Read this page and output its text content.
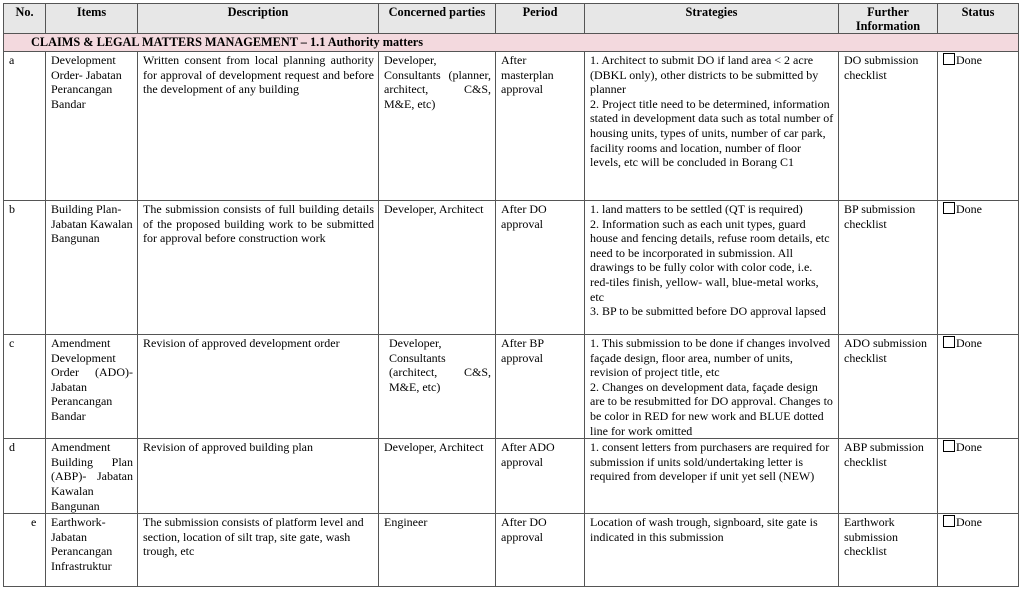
No.	Items	Description	Concerned parties	Period	Strategies	Further Information	Status
CLAIMS & LEGAL MATTERS MANAGEMENT – 1.1 Authority matters							
a	Development Order- Jabatan Perancangan Bandar	Written consent from local planning authority for approval of development request and before the development of any building	Developer, Consultants (planner, architect, C&S, M&E, etc)	After masterplan approval	1. Architect to submit DO if land area < 2 acre (DBKL only), other districts to be submitted by planner
2. Project title need to be determined, information stated in development data such as total number of housing units, types of units, number of car park, facility rooms and location, number of floor levels, etc will be concluded in Borang C1	DO submission checklist	Done
b	Building Plan- Jabatan Kawalan Bangunan	The submission consists of full building details of the proposed building work to be submitted for approval before construction work	Developer, Architect	After DO approval	1. land matters to be settled (QT is required)
2. Information such as each unit types, guard house and fencing details, refuse room details, etc need to be incorporated in submission. All drawings to be fully color with color code, i.e. red-tiles finish, yellow- wall, blue-metal works, etc
3. BP to be submitted before DO approval lapsed	BP submission checklist	Done
c	Amendment Development Order (ADO)- Jabatan Perancangan Bandar	Revision of approved development order	Developer, Consultants (architect, C&S, M&E, etc)	After BP approval	1. This submission to be done if changes involved façade design, floor area, number of units, revision of project title, etc
2. Changes on development data, façade design are to be resubmitted for DO approval. Changes to be color in RED for new work and BLUE dotted line for work omitted	ADO submission checklist	Done
d	Amendment Building Plan (ABP)- Jabatan Kawalan Bangunan	Revision of approved building plan	Developer, Architect	After ADO approval	1. consent letters from purchasers are required for submission if units sold/undertaking letter is required from developer if unit yet sell (NEW)	ABP submission checklist	Done
e	Earthwork- Jabatan Perancangan Infrastruktur	The submission consists of platform level and section, location of silt trap, site gate, wash trough, etc	Engineer	After DO approval	Location of wash trough, signboard, site gate is indicated in this submission	Earthwork submission checklist	Done
